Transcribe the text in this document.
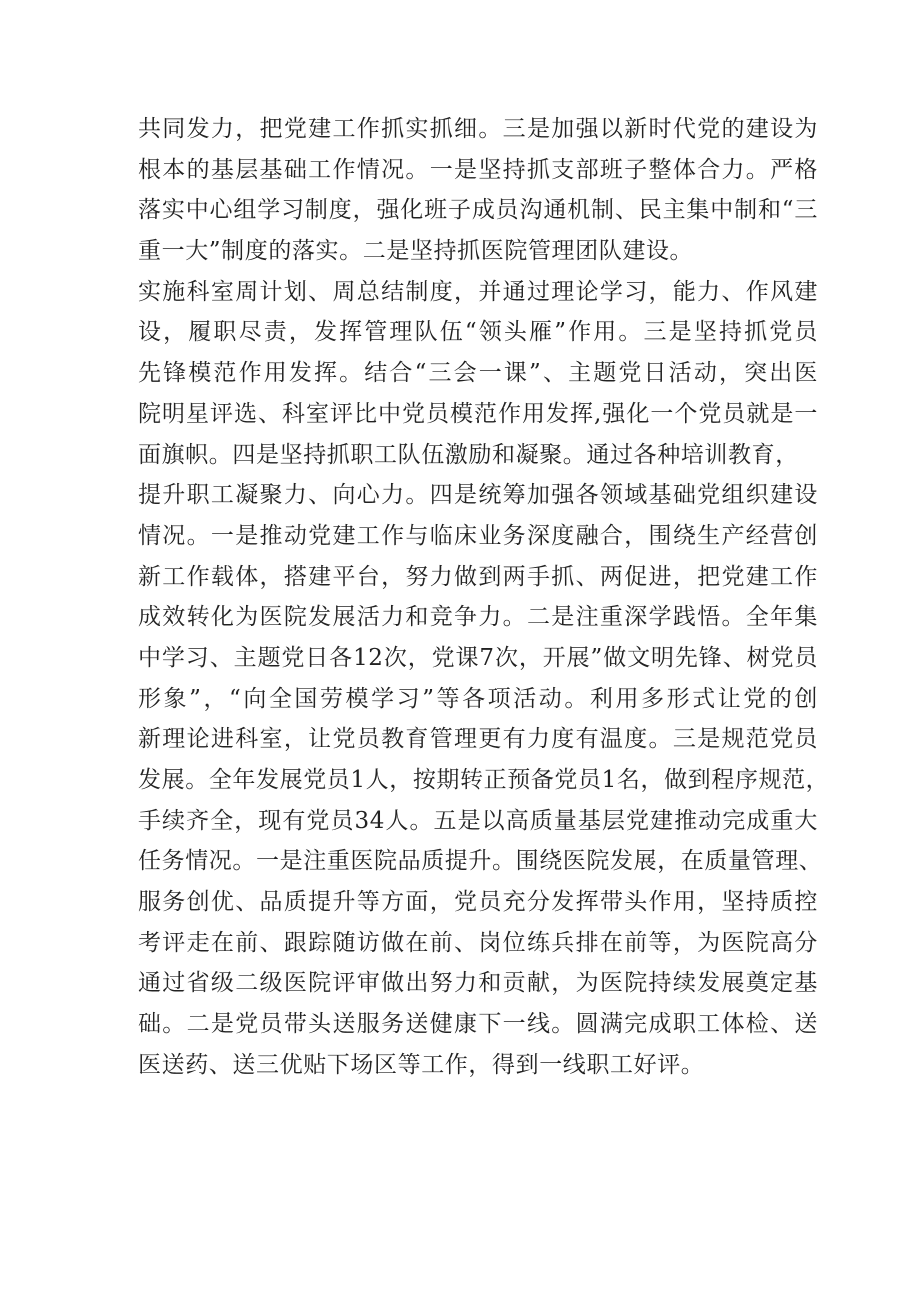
共同发力，把党建工作抓实抓细。三是加强以新时代党的建设为
根本的基层基础工作情况。一是坚持抓支部班子整体合力。严格
落实中心组学习制度，强化班子成员沟通机制、民主集中制和“三
重一大”制度的落实。二是坚持抓医院管理团队建设。
实施科室周计划、周总结制度，并通过理论学习，能力、作风建
设，履职尽责，发挥管理队伍“领头雁”作用。三是坚持抓党员
先锋模范作用发挥。结合“三会一课”、主题党日活动，突出医
院明星评选、科室评比中党员模范作用发挥,强化一个党员就是一
面旗帜。四是坚持抓职工队伍激励和凝聚。通过各种培训教育，
提升职工凝聚力、向心力。四是统筹加强各领域基础党组织建设
情况。一是推动党建工作与临床业务深度融合，围绕生产经营创
新工作载体，搭建平台，努力做到两手抓、两促进，把党建工作
成效转化为医院发展活力和竞争力。二是注重深学践悟。全年集
中学习、主题党日各12次，党课7次，开展”做文明先锋、树党员
形象”，“向全国劳模学习”等各项活动。利用多形式让党的创
新理论进科室，让党员教育管理更有力度有温度。三是规范党员
发展。全年发展党员1人，按期转正预备党员1名，做到程序规范，
手续齐全，现有党员34人。五是以高质量基层党建推动完成重大
任务情况。一是注重医院品质提升。围绕医院发展，在质量管理、
服务创优、品质提升等方面，党员充分发挥带头作用，坚持质控
考评走在前、跟踪随访做在前、岗位练兵排在前等，为医院高分
通过省级二级医院评审做出努力和贡献，为医院持续发展奠定基
础。二是党员带头送服务送健康下一线。圆满完成职工体检、送
医送药、送三优贴下场区等工作，得到一线职工好评。
